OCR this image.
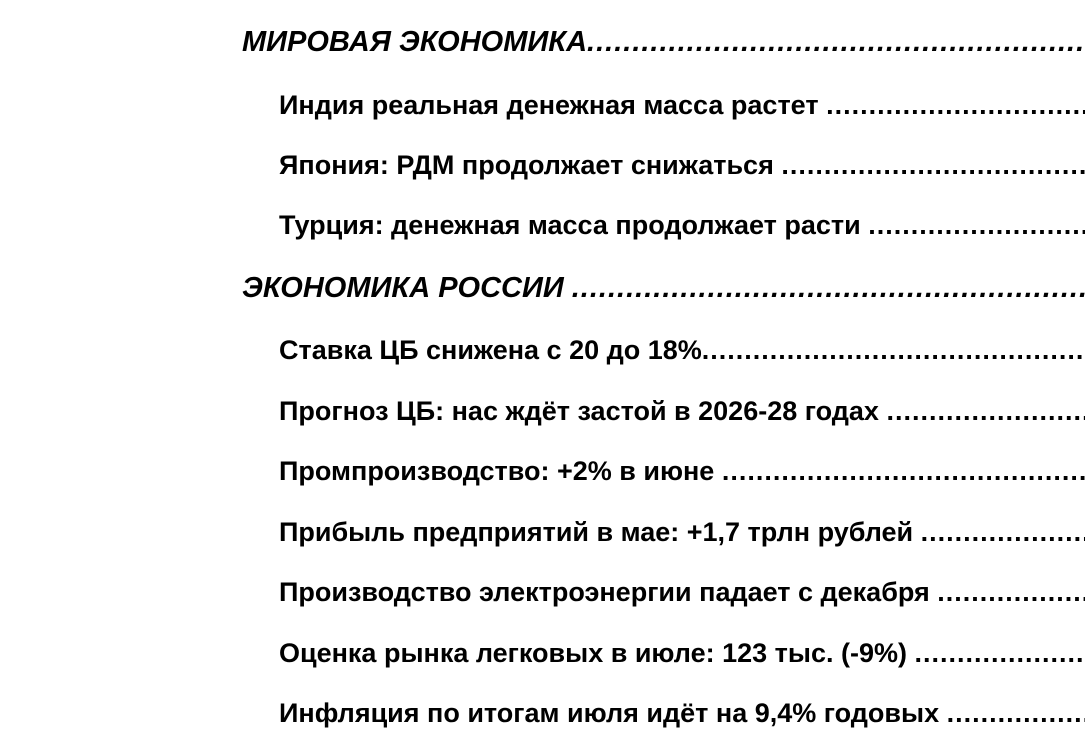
МИРОВАЯ ЭКОНОМИКА
.....
Индия реальная денежная масса растет
.....
Япония: РДМ продолжает снижаться
.....
Турция: денежная масса продолжает расти
.....
ЭКОНОМИКА РОССИИ
.....
Ставка ЦБ снижена с 20 до 18%
.....
Прогноз ЦБ: нас ждёт застой в 2026-28 годах
.....
Промпроизводство: +2% в июне
.....
Прибыль предприятий в мае: +1,7 трлн рублей
.....
Производство электроэнергии падает с декабря
.....
Оценка рынка легковых в июле: 123 тыс. (-9%)
.....
Инфляция по итогам июля идёт на 9,4% годовых
.....
